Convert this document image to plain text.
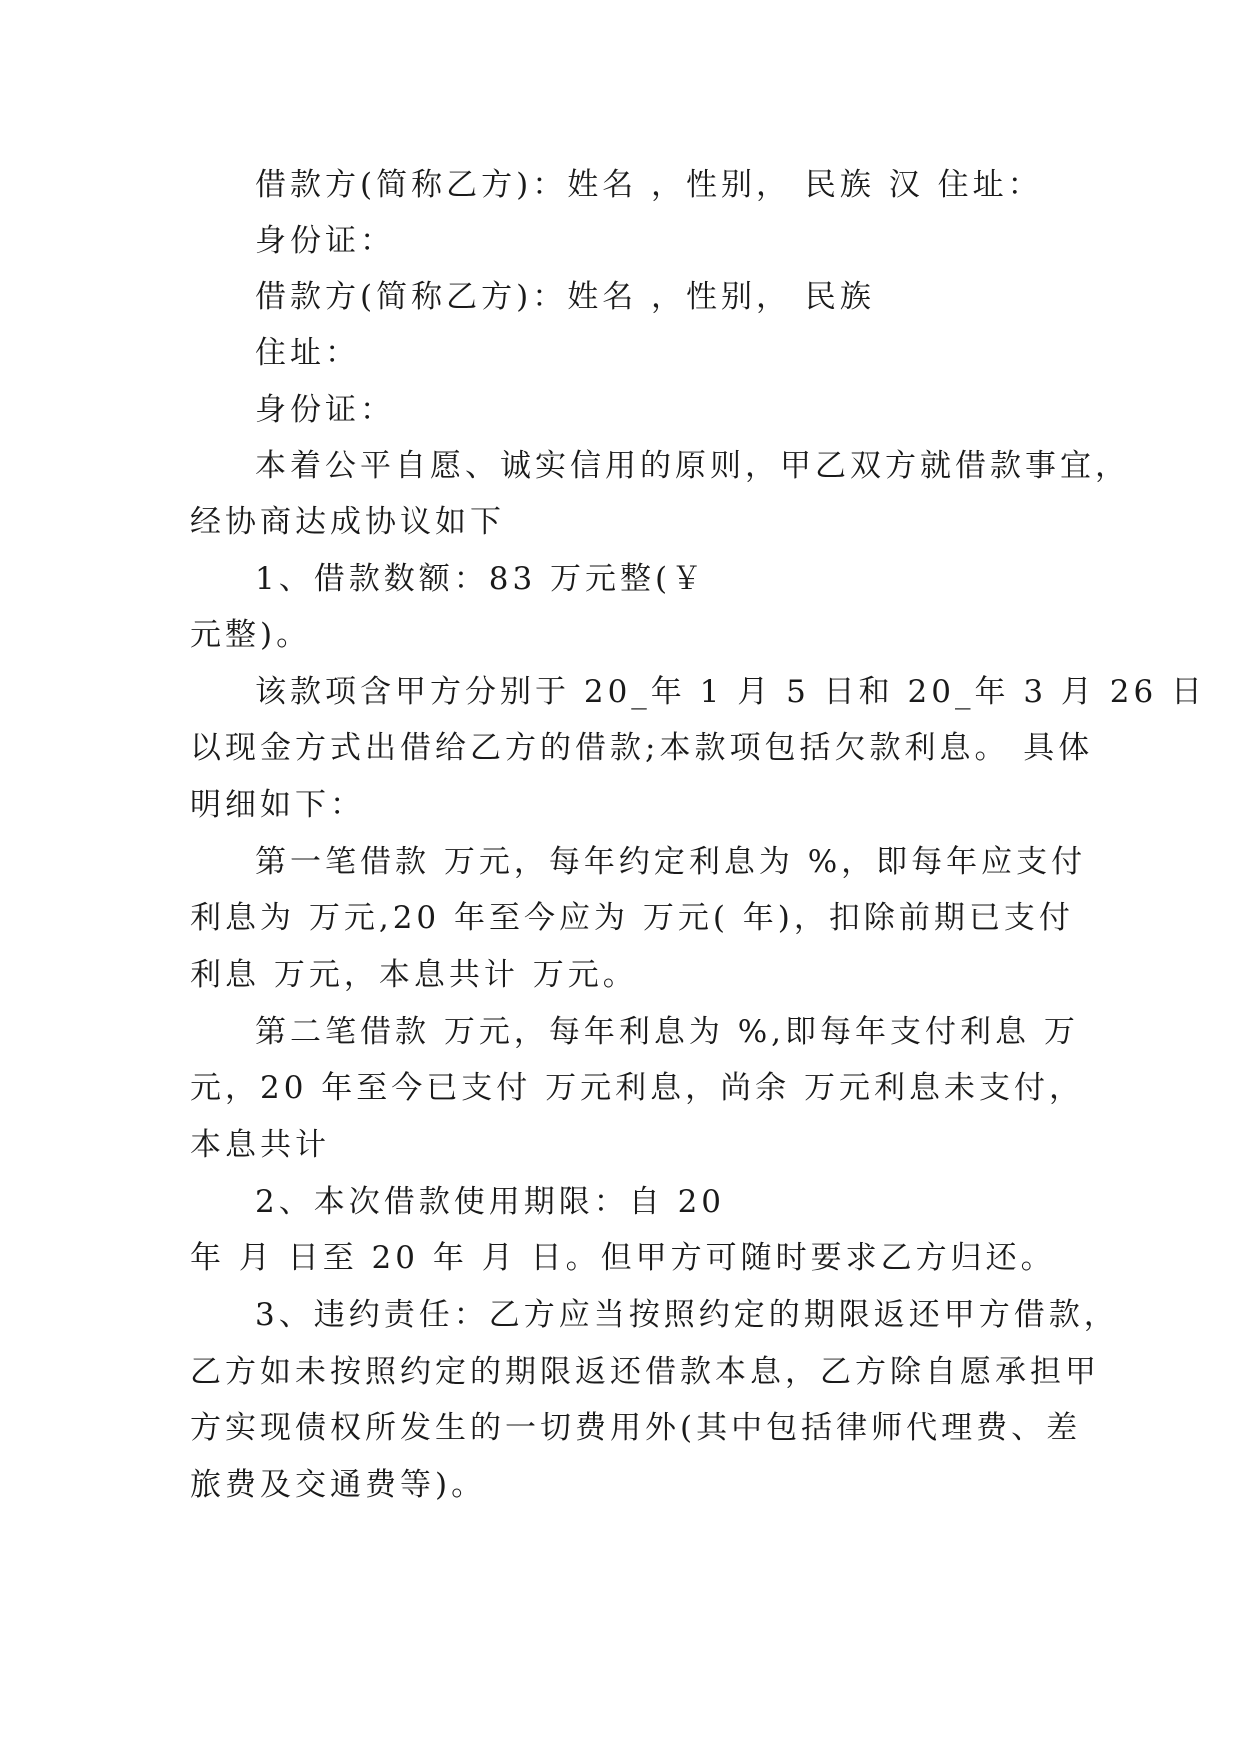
借款方(简称乙方)：姓名 ，性别， 民族 汉 住址：
身份证：
借款方(简称乙方)：姓名 ，性别， 民族
住址：
身份证：
本着公平自愿、诚实信用的原则，甲乙双方就借款事宜，
经协商达成协议如下
1、借款数额：83 万元整(￥
元整)。
该款项含甲方分别于 20_年 1 月 5 日和 20_年 3 月 26 日
以现金方式出借给乙方的借款;本款项包括欠款利息。 具体
明细如下：
第一笔借款 万元，每年约定利息为 %，即每年应支付
利息为 万元,20 年至今应为 万元( 年)，扣除前期已支付
利息 万元，本息共计 万元。
第二笔借款 万元，每年利息为 %,即每年支付利息 万
元，20 年至今已支付 万元利息，尚余 万元利息未支付，
本息共计
2、本次借款使用期限：自 20
年 月 日至 20 年 月 日。但甲方可随时要求乙方归还。
3、违约责任：乙方应当按照约定的期限返还甲方借款，
乙方如未按照约定的期限返还借款本息，乙方除自愿承担甲
方实现债权所发生的一切费用外(其中包括律师代理费、差
旅费及交通费等)。
